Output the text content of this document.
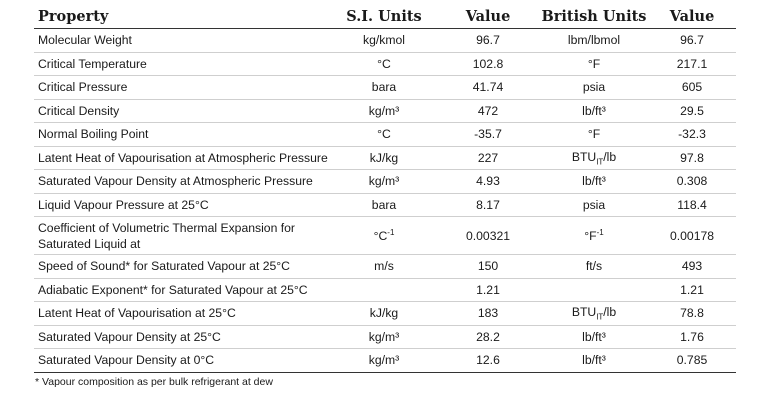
Property	S.I. Units	Value	British Units	Value
Molecular Weight	kg/kmol	96.7	lbm/lbmol	96.7
Critical Temperature	°C	102.8	°F	217.1
Critical Pressure	bara	41.74	psia	605
Critical Density	kg/m³	472	lb/ft³	29.5
Normal Boiling Point	°C	-35.7	°F	-32.3
Latent Heat of Vapourisation at Atmospheric Pressure	kJ/kg	227	$BTU_{IT}/lb$	97.8
Saturated Vapour Density at Atmospheric Pressure	kg/m³	4.93	lb/ft³	0.308
Liquid Vapour Pressure at 25°C	bara	8.17	psia	118.4
Coefficient of Volumetric Thermal Expansion for Saturated Liquid at	$^\circ C^{-1}$	0.00321	$^\circ F^{-1}$	0.00178
Speed of Sound* for Saturated Vapour at 25°C	m/s	150	ft/s	493
Adiabatic Exponent* for Saturated Vapour at 25°C		1.21		1.21
Latent Heat of Vapourisation at 25°C	kJ/kg	183	$BTU_{IT}/lb$	78.8
Saturated Vapour Density at 25°C	kg/m³	28.2	lb/ft³	1.76
Saturated Vapour Density at 0°C	kg/m³	12.6	lb/ft³	0.785
* Vapour composition as per bulk refrigerant at dew
